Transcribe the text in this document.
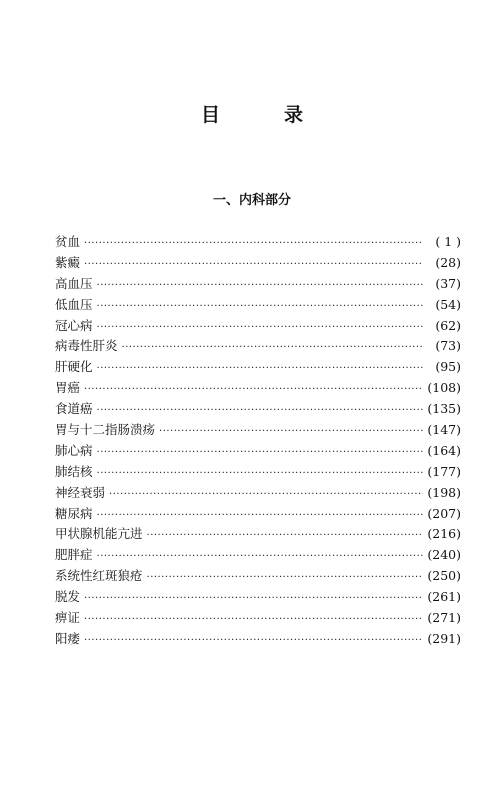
目	录
一、内科部分
贫血 ·····	( 1 )
紫癜 ·····	(28)
高血压 ·····	(37)
低血压 ·····	(54)
冠心病 ·····	(62)
病毒性肝炎 ·····	(73)
肝硬化 ·····	(95)
胃癌 ·····	(108)
食道癌 ·····	(135)
胃与十二指肠溃疡 ·····	(147)
肺心病 ·····	(164)
肺结核 ·····	(177)
神经衰弱 ·····	(198)
糖尿病 ·····	(207)
甲状腺机能亢进 ·····	(216)
肥胖症 ·····	(240)
系统性红斑狼疮 ·····	(250)
脱发 ·····	(261)
痹证 ·····	(271)
阳痿 ·····	(291)
